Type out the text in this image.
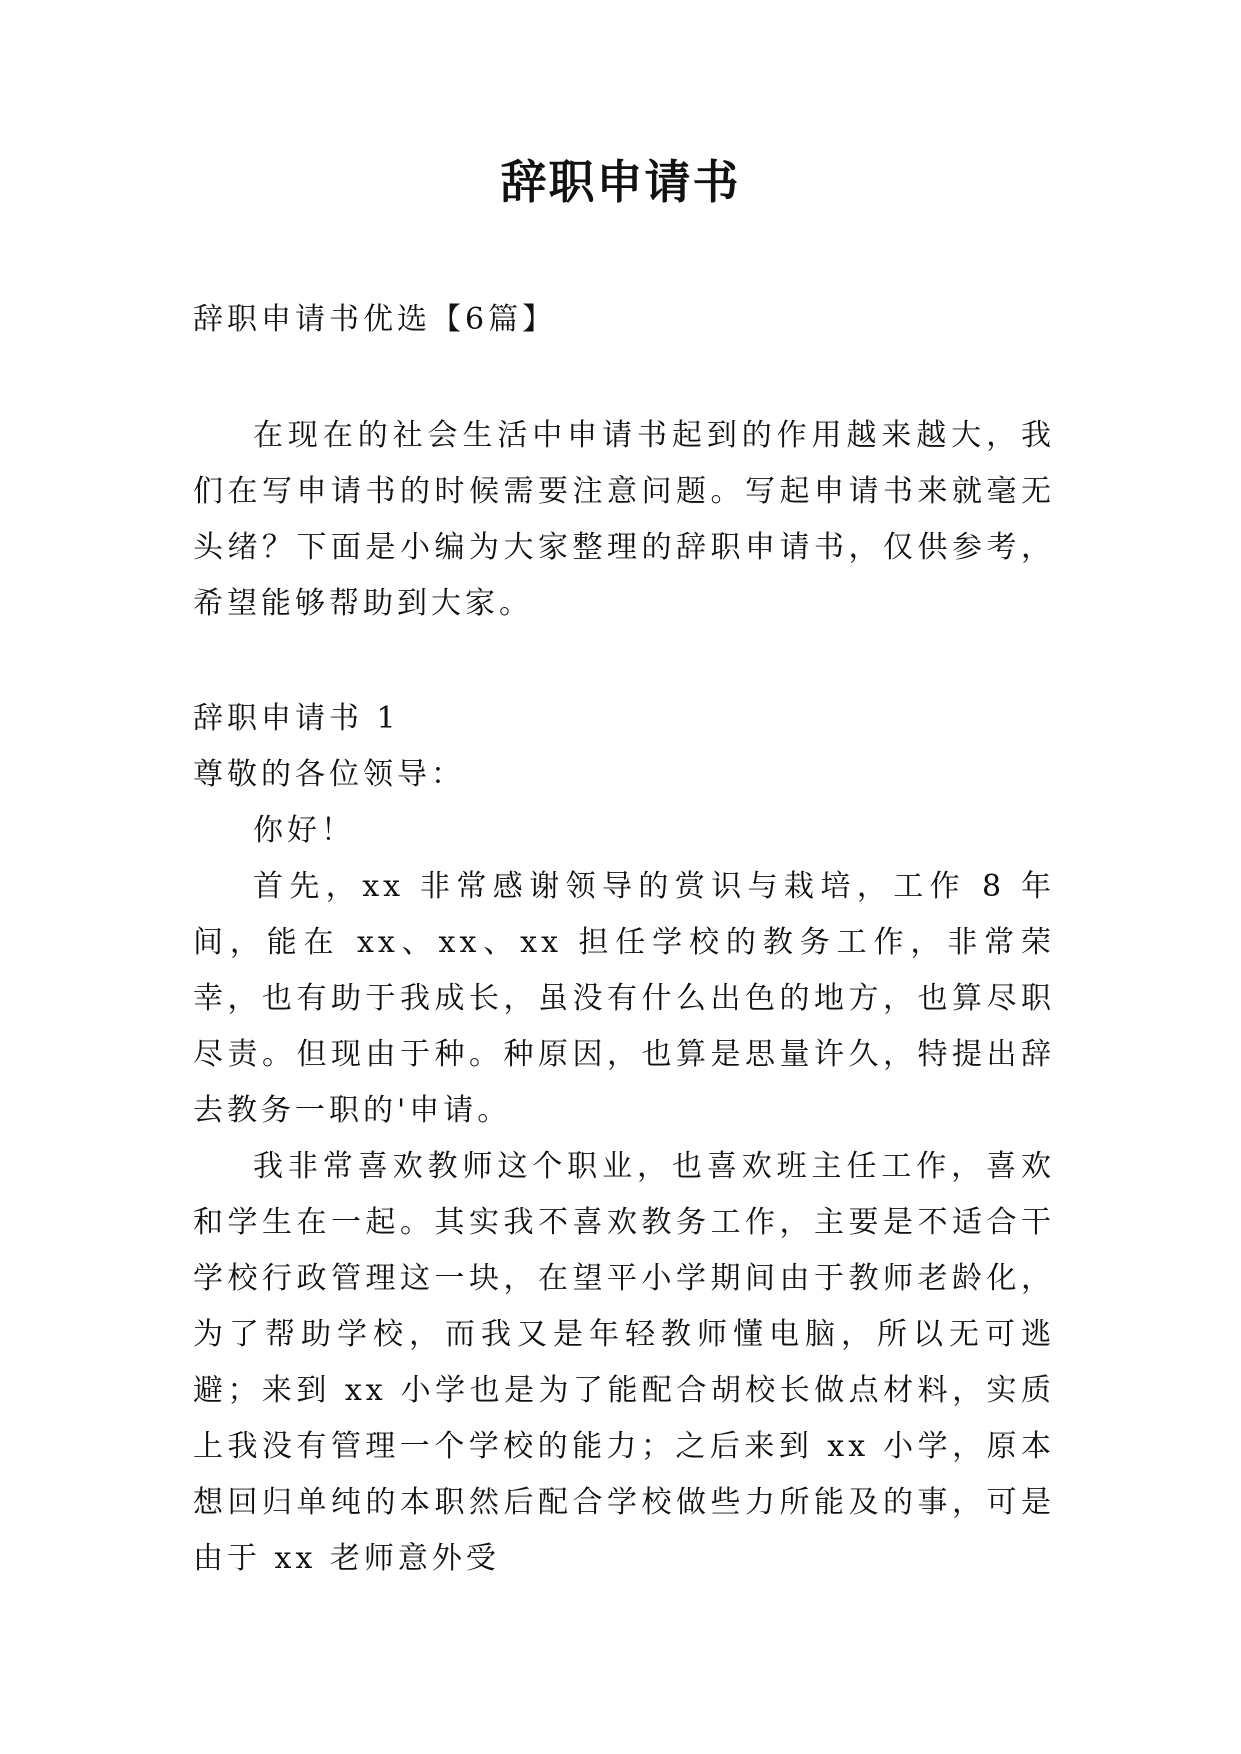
辞职申请书

辞职申请书优选【6篇】

在现在的社会生活中申请书起到的作用越来越大，我们在写申请书的时候需要注意问题。写起申请书来就毫无头绪？下面是小编为大家整理的辞职申请书，仅供参考，希望能够帮助到大家。

辞职申请书 1

尊敬的各位领导：

你好！

首先，xx 非常感谢领导的赏识与栽培，工作 8 年间，能在 xx、xx、xx 担任学校的教务工作，非常荣幸，也有助于我成长，虽没有什么出色的地方，也算尽职尽责。但现由于种。种原因，也算是思量许久，特提出辞去教务一职的'申请。

我非常喜欢教师这个职业，也喜欢班主任工作，喜欢和学生在一起。其实我不喜欢教务工作，主要是不适合干学校行政管理这一块，在望平小学期间由于教师老龄化，为了帮助学校，而我又是年轻教师懂电脑，所以无可逃避；来到 xx 小学也是为了能配合胡校长做点材料，实质上我没有管理一个学校的能力；之后来到 xx 小学，原本想回归单纯的本职然后配合学校做些力所能及的事，可是由于 xx 老师意外受
